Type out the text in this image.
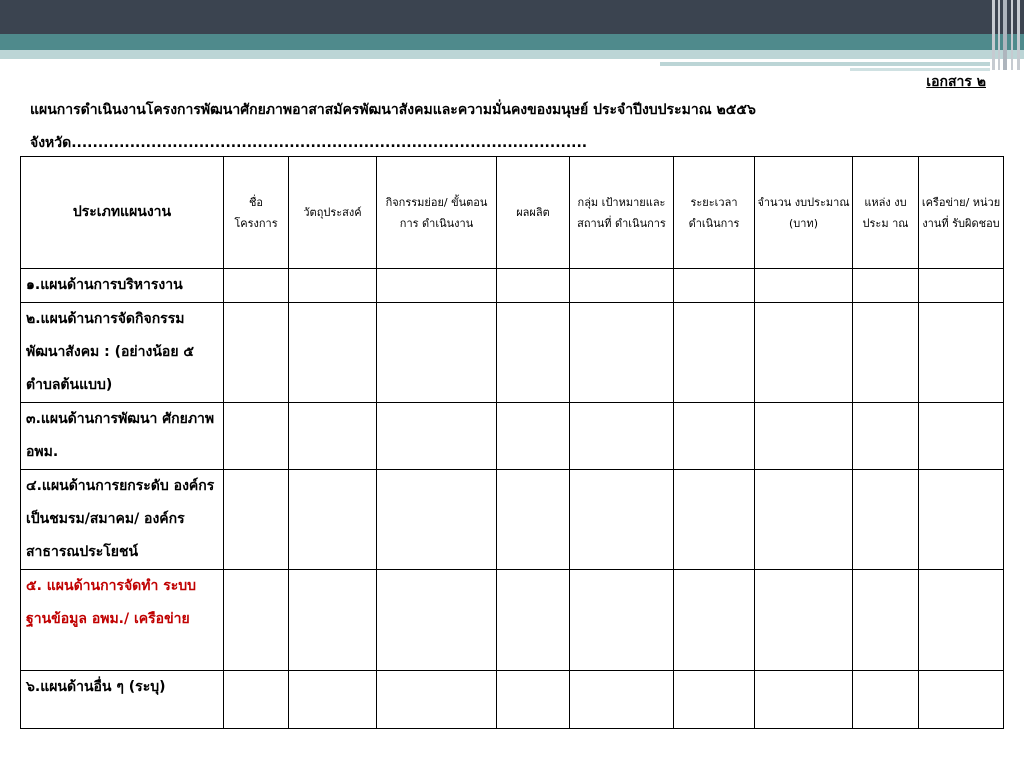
เอกสาร ๒
แผนการดำเนินงานโครงการพัฒนาศักยภาพอาสาสมัครพัฒนาสังคมและความมั่นคงของมนุษย์ ประจำปีงบประมาณ ๒๕๕๖
จังหวัด.................................................................................................
ประเภทแผนงาน	ชื่อ โครงการ	วัตถุประสงค์	กิจกรรมย่อย/ ขั้นตอนการ ดำเนินงาน	ผลผลิต	กลุ่ม เป้าหมายและ สถานที่ ดำเนินการ	ระยะเวลา ดำเนินการ	จำนวน งบประมาณ (บาท)	แหล่ง งบประม าณ	เครือข่าย/ หน่วยงานที่ รับผิดชอบ
๑.แผนด้านการบริหารงาน									
๒.แผนด้านการจัดกิจกรรม พัฒนาสังคม : (อย่างน้อย ๕ ตำบลต้นแบบ)									
๓.แผนด้านการพัฒนา ศักยภาพ อพม.									
๔.แผนด้านการยกระดับ องค์กรเป็นชมรม/สมาคม/ องค์กรสาธารณประโยชน์									
๕. แผนด้านการจัดทำ ระบบฐานข้อมูล อพม./ เครือข่าย									
๖.แผนด้านอื่น ๆ (ระบุ)									
